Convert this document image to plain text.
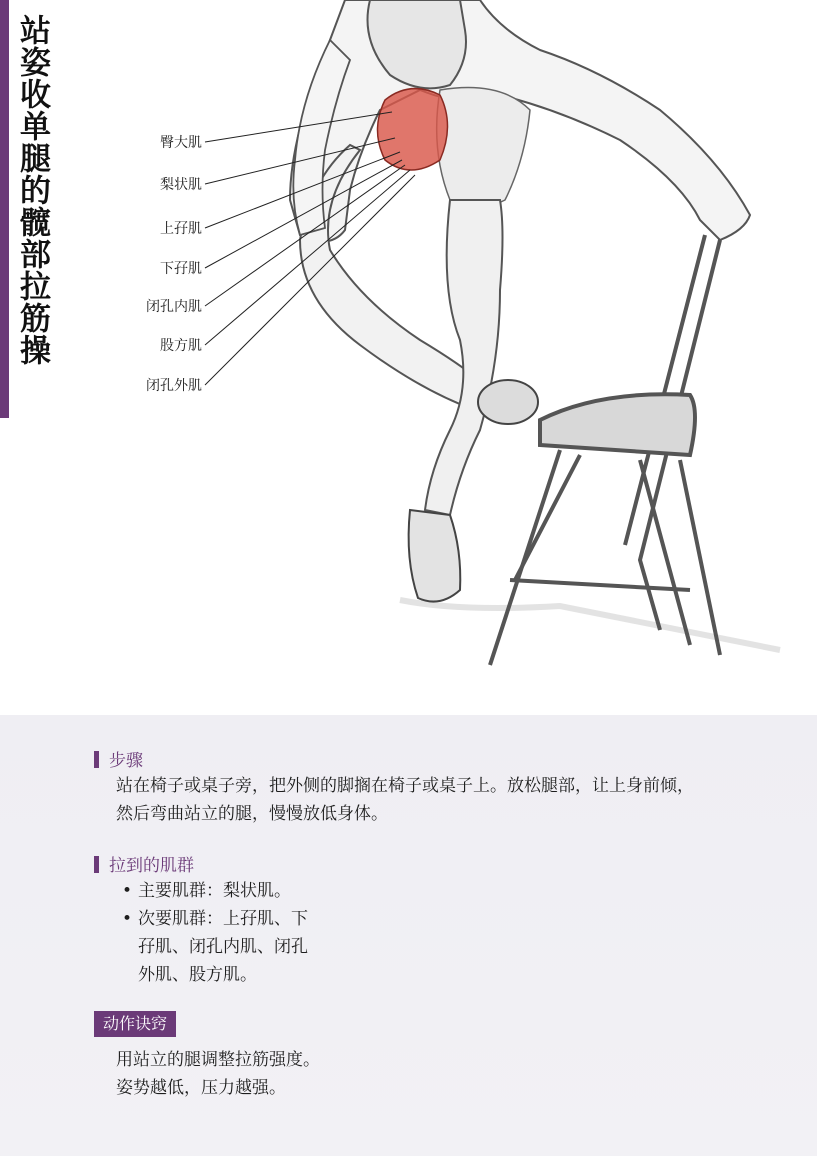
站姿收单腿的髋部拉筋操	臀大肌
梨状肌
上孖肌
下孖肌
闭孔内肌
股方肌
闭孔外肌
步骤
站在椅子或桌子旁，把外侧的脚搁在椅子或桌子上。放松腿部，让上身前倾，
然后弯曲站立的腿，慢慢放低身体。
拉到的肌群
• 主要肌群：梨状肌。
• 次要肌群：上孖肌、下
孖肌、闭孔内肌、闭孔
外肌、股方肌。
动作诀窍
用站立的腿调整拉筋强度。
姿势越低，压力越强。
